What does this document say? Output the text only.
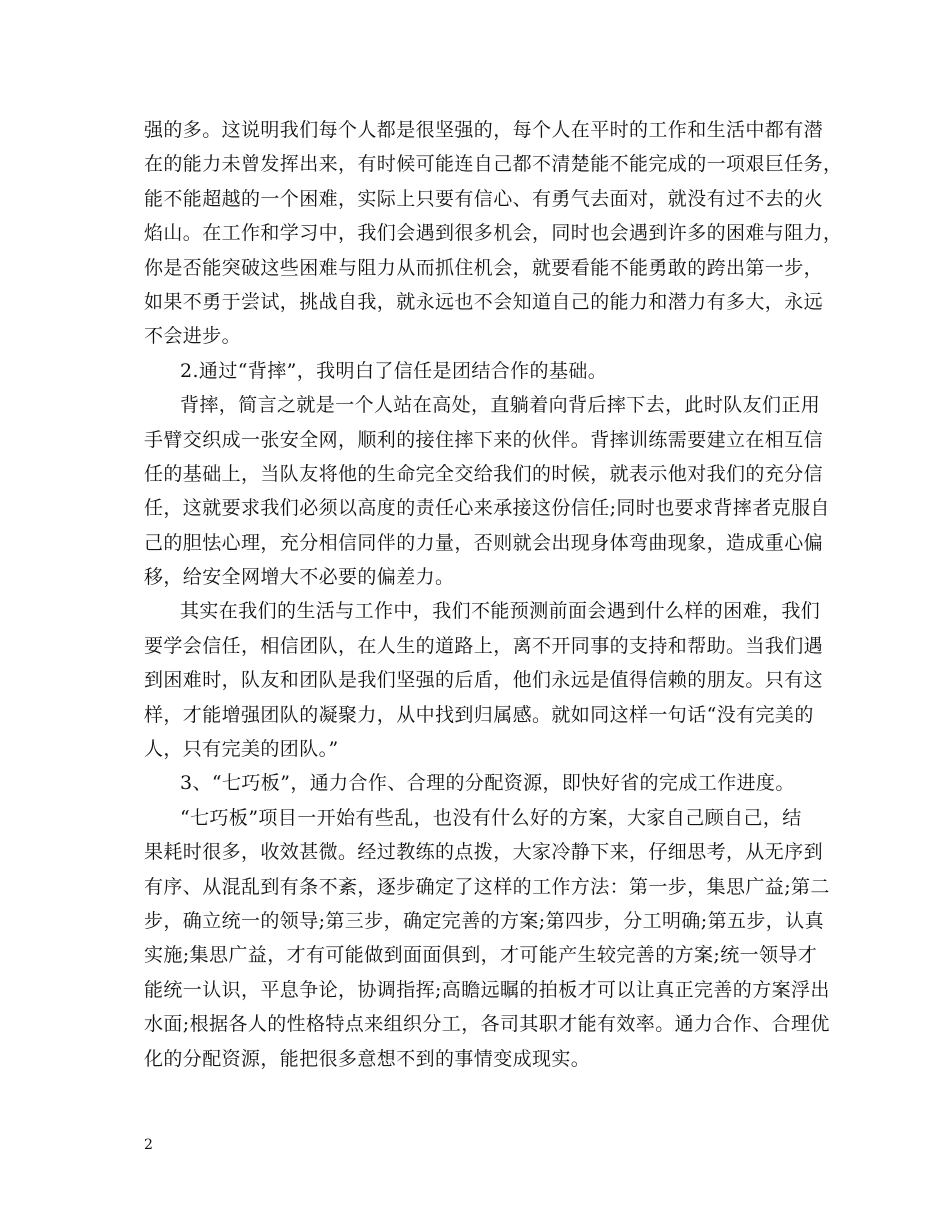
强的多。这说明我们每个人都是很坚强的，每个人在平时的工作和生活中都有潜
在的能力未曾发挥出来，有时候可能连自己都不清楚能不能完成的一项艰巨任务，
能不能超越的一个困难，实际上只要有信心、有勇气去面对，就没有过不去的火
焰山。在工作和学习中，我们会遇到很多机会，同时也会遇到许多的困难与阻力，
你是否能突破这些困难与阻力从而抓住机会，就要看能不能勇敢的跨出第一步，
如果不勇于尝试，挑战自我，就永远也不会知道自己的能力和潜力有多大，永远
不会进步。
2.通过“背摔”，我明白了信任是团结合作的基础。
背摔，简言之就是一个人站在高处，直躺着向背后摔下去，此时队友们正用
手臂交织成一张安全网，顺利的接住摔下来的伙伴。背摔训练需要建立在相互信
任的基础上，当队友将他的生命完全交给我们的时候，就表示他对我们的充分信
任，这就要求我们必须以高度的责任心来承接这份信任;同时也要求背摔者克服自
己的胆怯心理，充分相信同伴的力量，否则就会出现身体弯曲现象，造成重心偏
移，给安全网增大不必要的偏差力。
其实在我们的生活与工作中，我们不能预测前面会遇到什么样的困难，我们
要学会信任，相信团队，在人生的道路上，离不开同事的支持和帮助。当我们遇
到困难时，队友和团队是我们坚强的后盾，他们永远是值得信赖的朋友。只有这
样，才能增强团队的凝聚力，从中找到归属感。就如同这样一句话“没有完美的
人，只有完美的团队。”
3、“七巧板”，通力合作、合理的分配资源，即快好省的完成工作进度。
“七巧板”项目一开始有些乱，也没有什么好的方案，大家自己顾自己，结
果耗时很多，收效甚微。经过教练的点拨，大家冷静下来，仔细思考，从无序到
有序、从混乱到有条不紊，逐步确定了这样的工作方法：第一步，集思广益;第二
步，确立统一的领导;第三步，确定完善的方案;第四步，分工明确;第五步，认真
实施;集思广益，才有可能做到面面俱到，才可能产生较完善的方案;统一领导才
能统一认识，平息争论，协调指挥;高瞻远瞩的拍板才可以让真正完善的方案浮出
水面;根据各人的性格特点来组织分工，各司其职才能有效率。通力合作、合理优
化的分配资源，能把很多意想不到的事情变成现实。
2
